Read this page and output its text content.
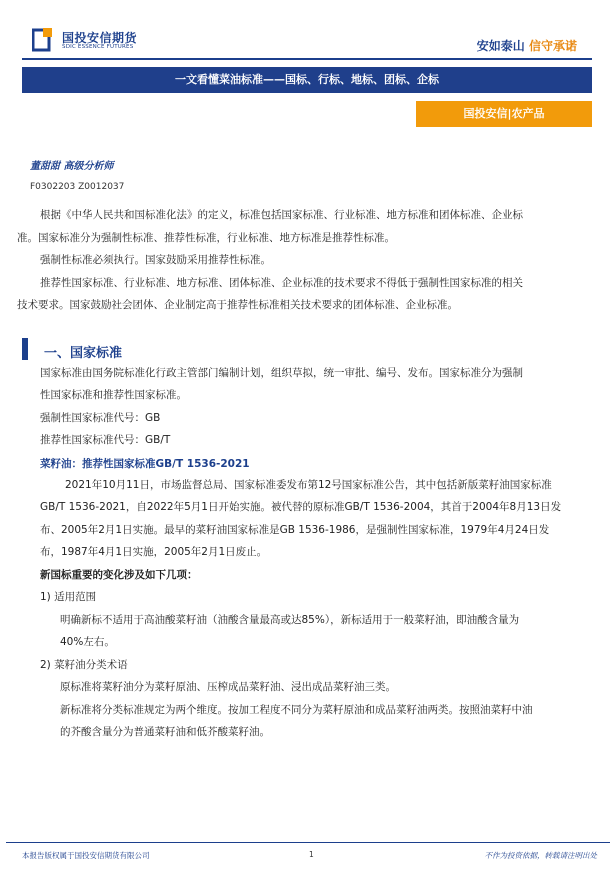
国投安信期货
SDIC ESSENCE FUTURES	安如泰山 信守承诺
一文看懂菜油标准——国标、行标、地标、团标、企标
国投安信|农产品
董甜甜 高级分析师
F0302203 Z0012037
根据《中华人民共和国标准化法》的定义，标准包括国家标准、行业标准、地方标准和团体标准、企业标
准。国家标准分为强制性标准、推荐性标准，行业标准、地方标准是推荐性标准。
强制性标准必须执行。国家鼓励采用推荐性标准。
推荐性国家标准、行业标准、地方标准、团体标准、企业标准的技术要求不得低于强制性国家标准的相关
技术要求。国家鼓励社会团体、企业制定高于推荐性标准相关技术要求的团体标准、企业标准。
一、国家标准
国家标准由国务院标准化行政主管部门编制计划，组织草拟，统一审批、编号、发布。国家标准分为强制
性国家标准和推荐性国家标准。
强制性国家标准代号：GB
推荐性国家标准代号：GB/T
菜籽油：推荐性国家标准GB/T 1536-2021
2021年10月11日，市场监督总局、国家标准委发布第12号国家标准公告，其中包括新版菜籽油国家标准
GB/T 1536-2021，自2022年5月1日开始实施。被代替的原标准GB/T 1536-2004，其首于2004年8月13日发
布、2005年2月1日实施。最早的菜籽油国家标准是GB 1536-1986，是强制性国家标准，1979年4月24日发
布，1987年4月1日实施，2005年2月1日废止。
新国标重要的变化涉及如下几项：
1) 适用范围
明确新标不适用于高油酸菜籽油（油酸含量最高或达85%），新标适用于一般菜籽油，即油酸含量为
40%左右。
2) 菜籽油分类术语
原标准将菜籽油分为菜籽原油、压榨成品菜籽油、浸出成品菜籽油三类。
新标准将分类标准规定为两个维度。按加工程度不同分为菜籽原油和成品菜籽油两类。按照油菜籽中油
的芥酸含量分为普通菜籽油和低芥酸菜籽油。
本报告版权属于国投安信期货有限公司	1	不作为投资依据，转载请注明出处
